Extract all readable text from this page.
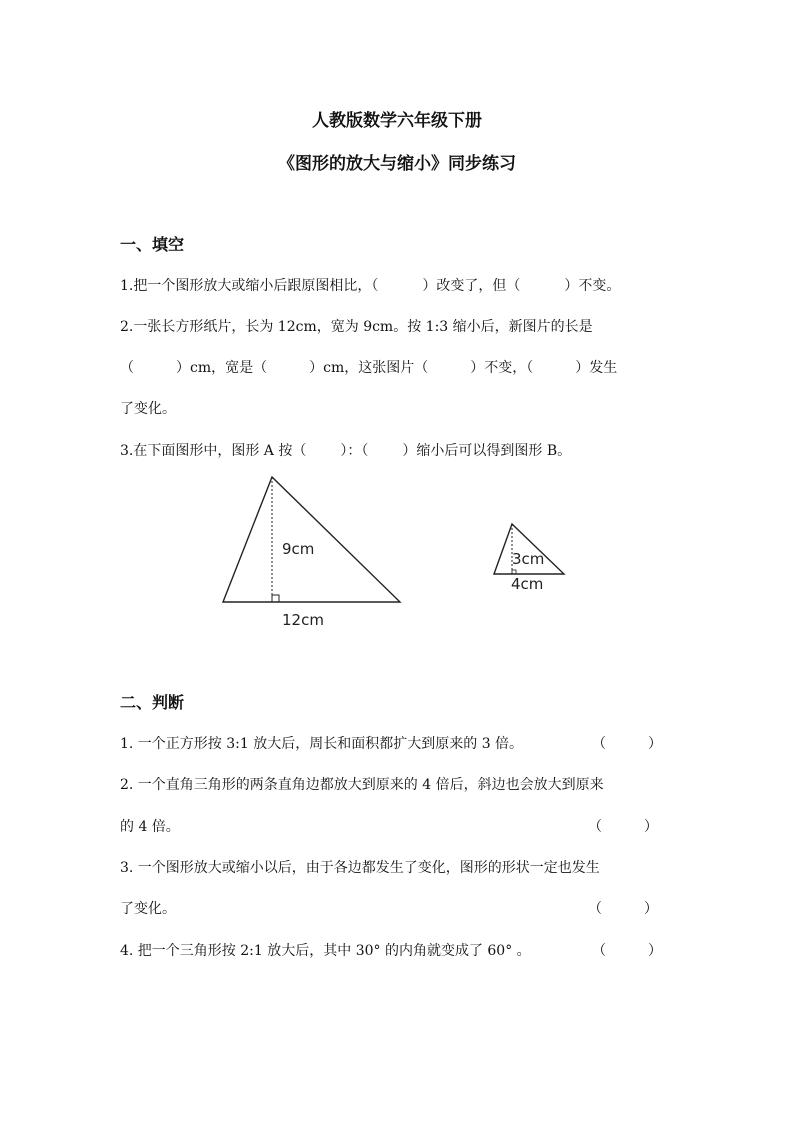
人教版数学六年级下册
《图形的放大与缩小》同步练习
一、填空
1.把一个图形放大或缩小后跟原图相比，（	）改变了，但（	）不变。
2.一张长方形纸片，长为 12cm，宽为 9cm。按 1:3 缩小后，新图片的长是
（	）cm，宽是（	）cm，这张图片（	）不变，（	）发生
了变化。
3.在下面图形中，图形 A 按（ ）：（ ）缩小后可以得到图形 B。
9cm
12cm
3cm
4cm
二、判断
1. 一个正方形按 3:1 放大后，周长和面积都扩大到原来的 3 倍。	（　　　）
2. 一个直角三角形的两条直角边都放大到原来的 4 倍后，斜边也会放大到原来
的 4 倍。	（　　　）
3. 一个图形放大或缩小以后，由于各边都发生了变化，图形的形状一定也发生
了变化。	（　　　）
4. 把一个三角形按 2:1 放大后，其中 30° 的内角就变成了 60° 。	（　　　）
